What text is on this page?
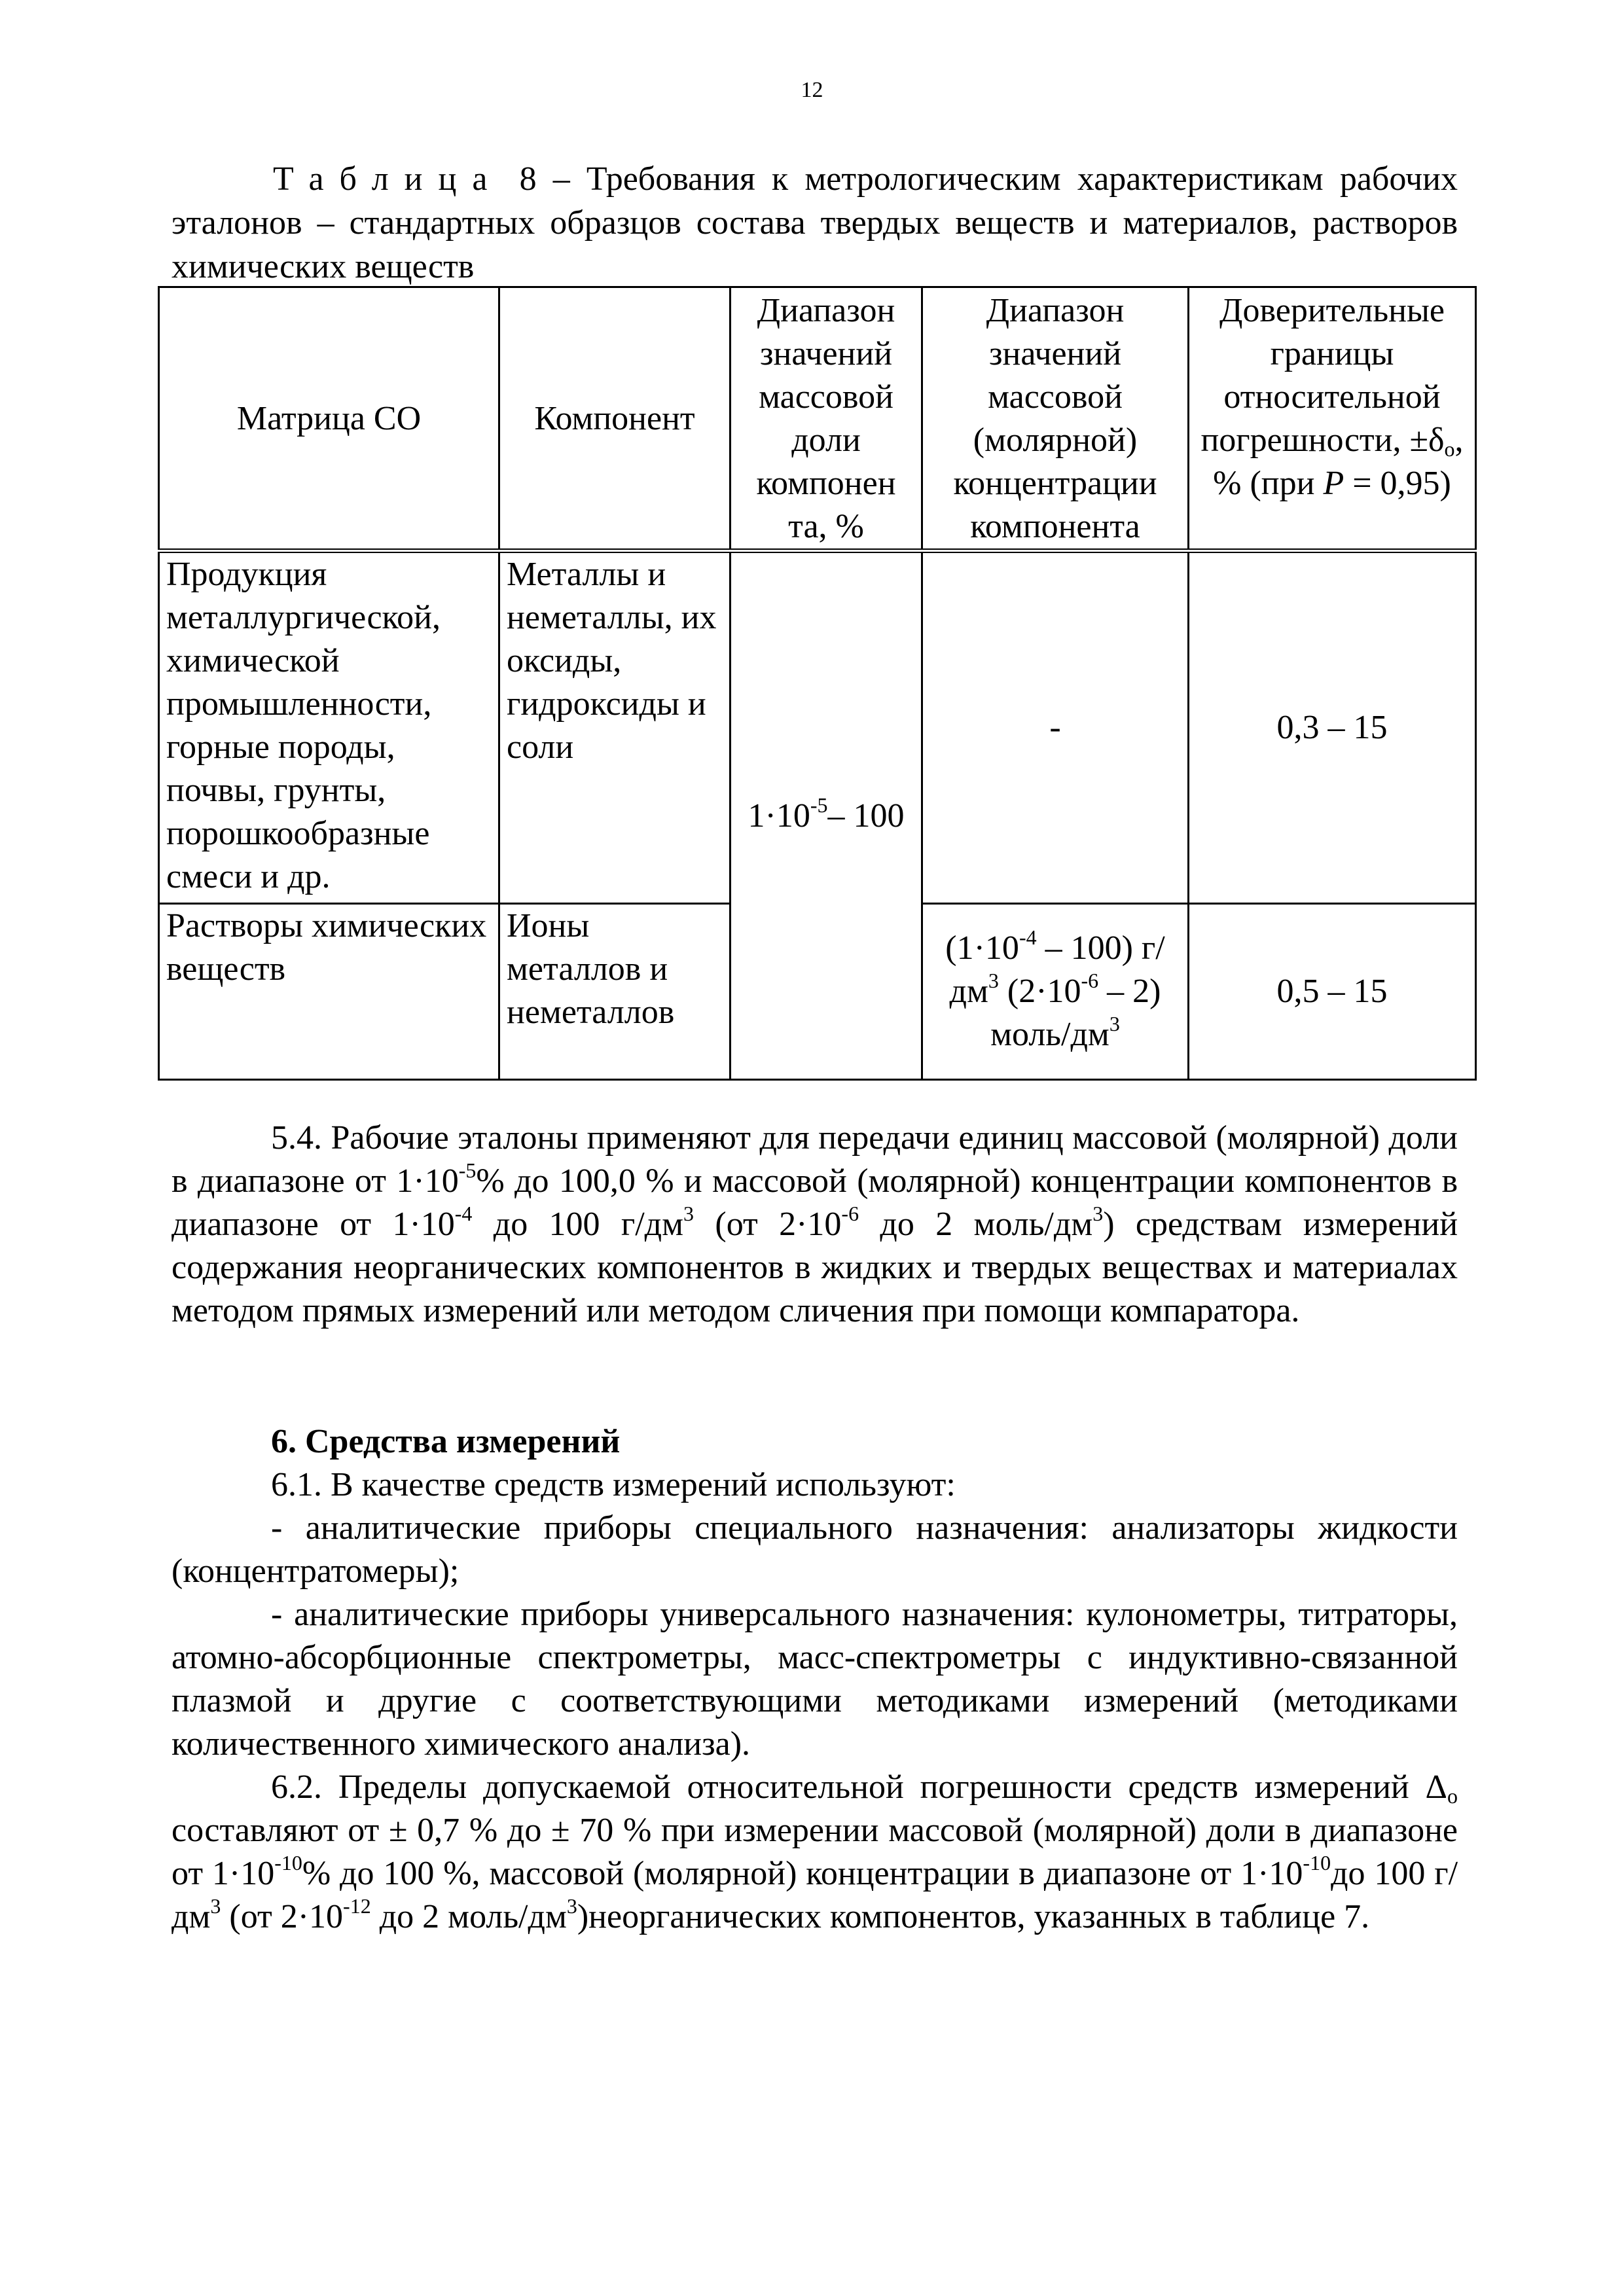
12
Таблица 8 – Требования к метрологическим характеристикам рабочих эталонов – стандартных образцов состава твердых веществ и материалов, растворов химических веществ
Матрица СО	Компонент	Диапазон значений массовой доли компонен та, %	Диапазон значений массовой (молярной) концентрации компонента	Доверительные границы относительной погрешности, $\pm\delta_o$, % (при P = 0,95)
Продукция металлургической, химической промышленности, горные породы, почвы, грунты, порошкообразные смеси и др.	Металлы и неметаллы, их оксиды, гидроксиды и соли	$1\cdot 10^{-5}-$ 100	-	0,3 – 15
Растворы химических веществ	Ионы металлов и неметаллов		$(1\cdot 10^{-4} - 100)$ $г/дм^3$ $(2\cdot 10^{-6} - 2)$ моль/$дм^3$	0,5 – 15

5.4. Рабочие эталоны применяют для передачи единиц массовой (молярной) доли в диапазоне от $1\cdot 10^{-5}\%$ до 100,0 % и массовой (молярной) концентрации компонентов в диапазоне от $1\cdot 10^{-4}$ до 100 $г/дм^3$ (от $2\cdot 10^{-6}$ до 2 моль/$дм^3$) средствам измерений содержания неорганических компонентов в жидких и твердых веществах и материалах методом прямых измерений или методом сличения при помощи компаратора.

6. Средства измерений

6.1. В качестве средств измерений используют:

- аналитические приборы специального назначения: анализаторы жидкости (концентратомеры);

- аналитические приборы универсального назначения: кулонометры, титраторы, атомно-абсорбционные спектрометры, масс-спектрометры с индуктивно-связанной плазмой и другие с соответствующими методиками измерений (методиками количественного химического анализа).

6.2. Пределы допускаемой относительной погрешности средств измерений $\Delta_о$ составляют от ± 0,7 % до ± 70 % при измерении массовой (молярной) доли в диапазоне от $1\cdot 10^{-10}\%$ до 100 %, массовой (молярной) концентрации в диапазоне от $1\cdot 10^{-10}до$ 100 $г/дм^3$ (от $2\cdot 10^{-12}$ до 2 моль/$дм^3)неорганических$ компонентов, указанных в таблице 7.
